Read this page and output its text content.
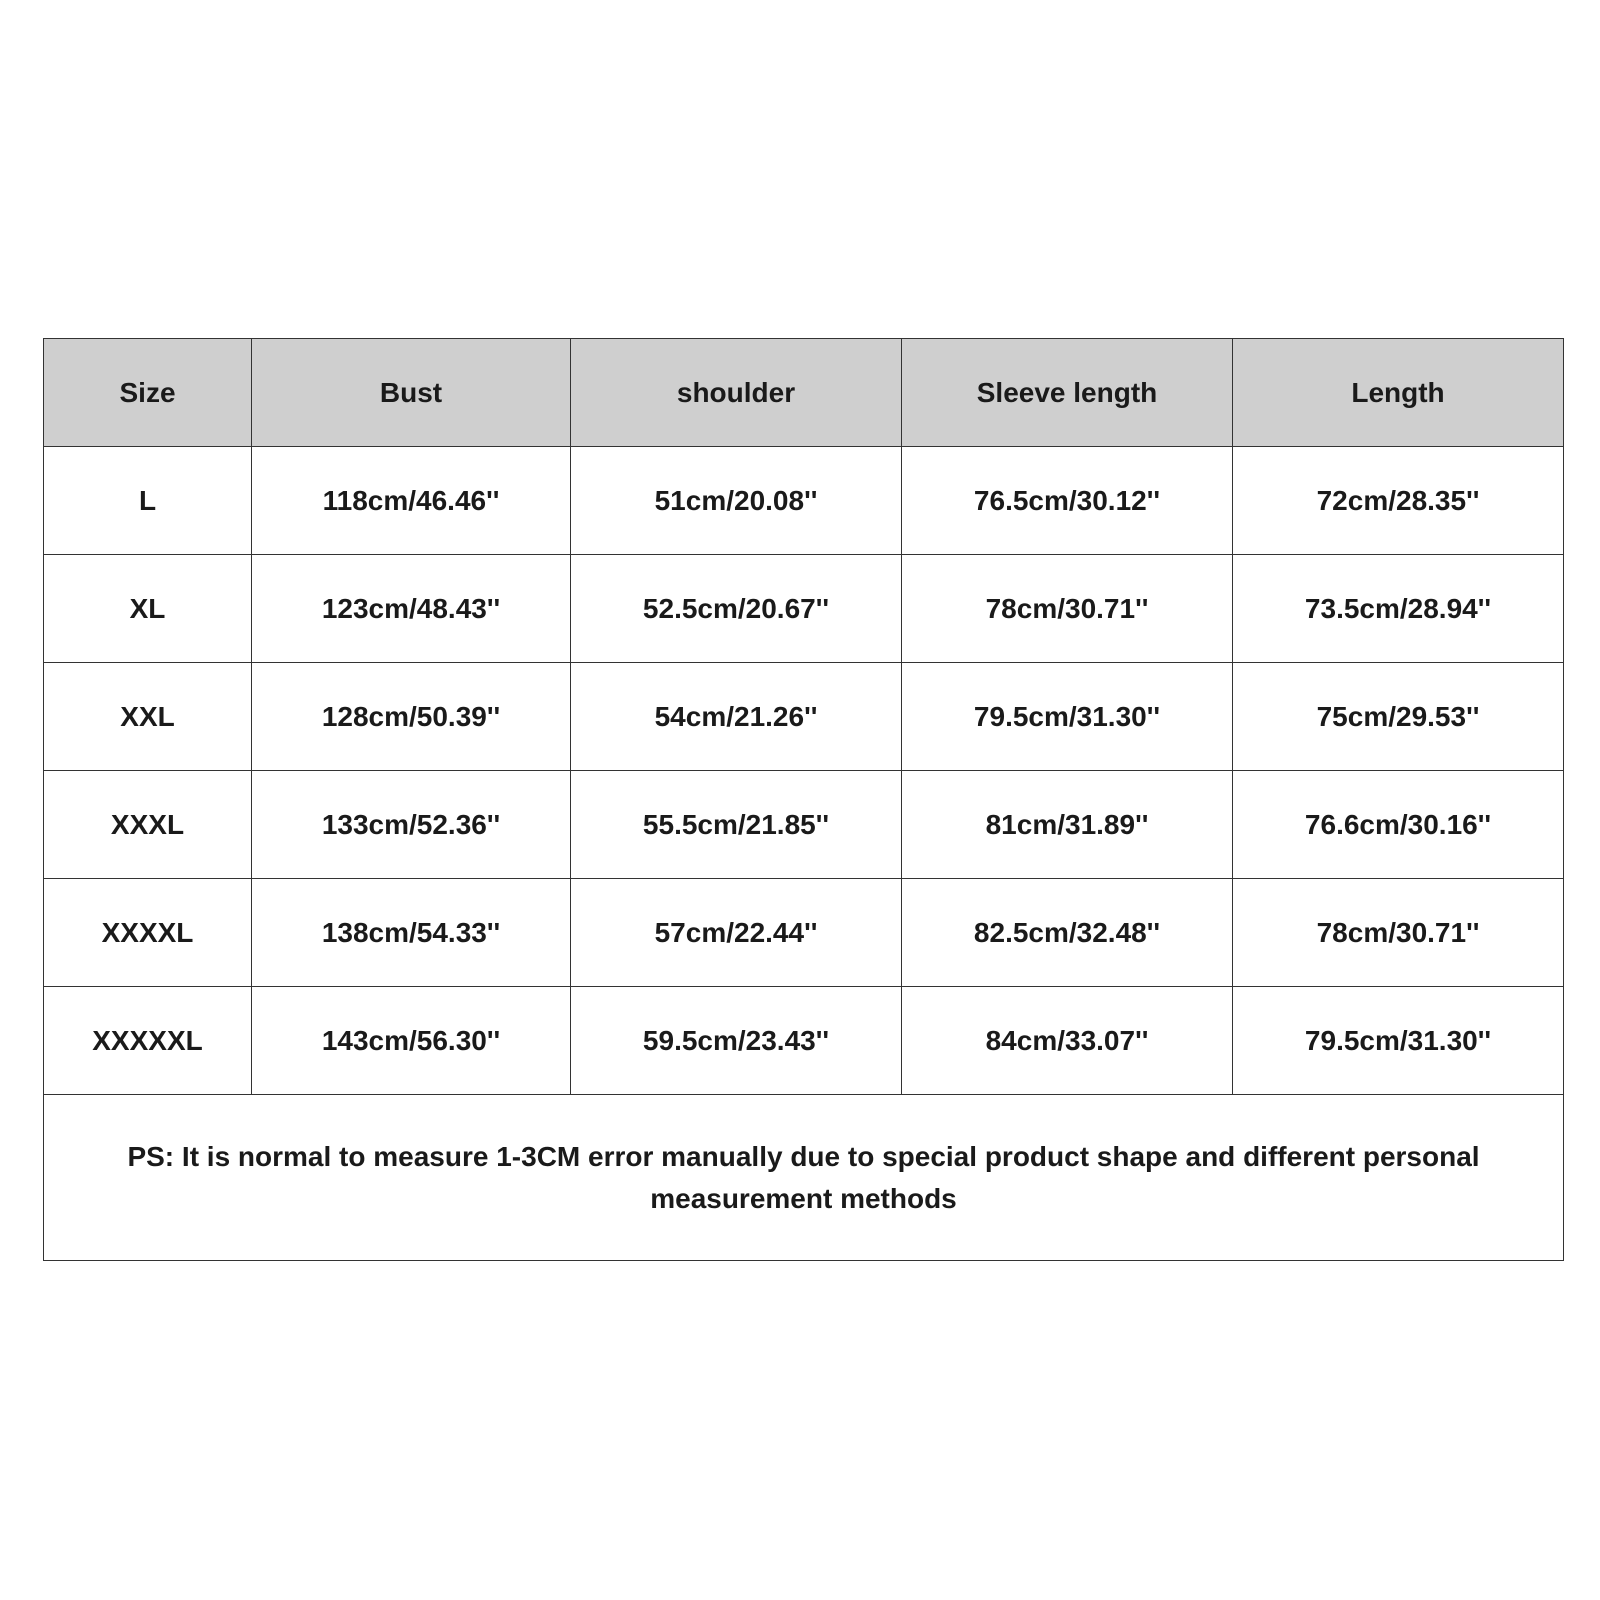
Size	Bust	shoulder	Sleeve length	Length
L	118cm/46.46''	51cm/20.08''	76.5cm/30.12''	72cm/28.35''
XL	123cm/48.43''	52.5cm/20.67''	78cm/30.71''	73.5cm/28.94''
XXL	128cm/50.39''	54cm/21.26''	79.5cm/31.30''	75cm/29.53''
XXXL	133cm/52.36''	55.5cm/21.85''	81cm/31.89''	76.6cm/30.16''
XXXXL	138cm/54.33''	57cm/22.44''	82.5cm/32.48''	78cm/30.71''
XXXXXL	143cm/56.30''	59.5cm/23.43''	84cm/33.07''	79.5cm/31.30''
PS: It is normal to measure 1-3CM error manually due to special product shape and different personal measurement methods				
